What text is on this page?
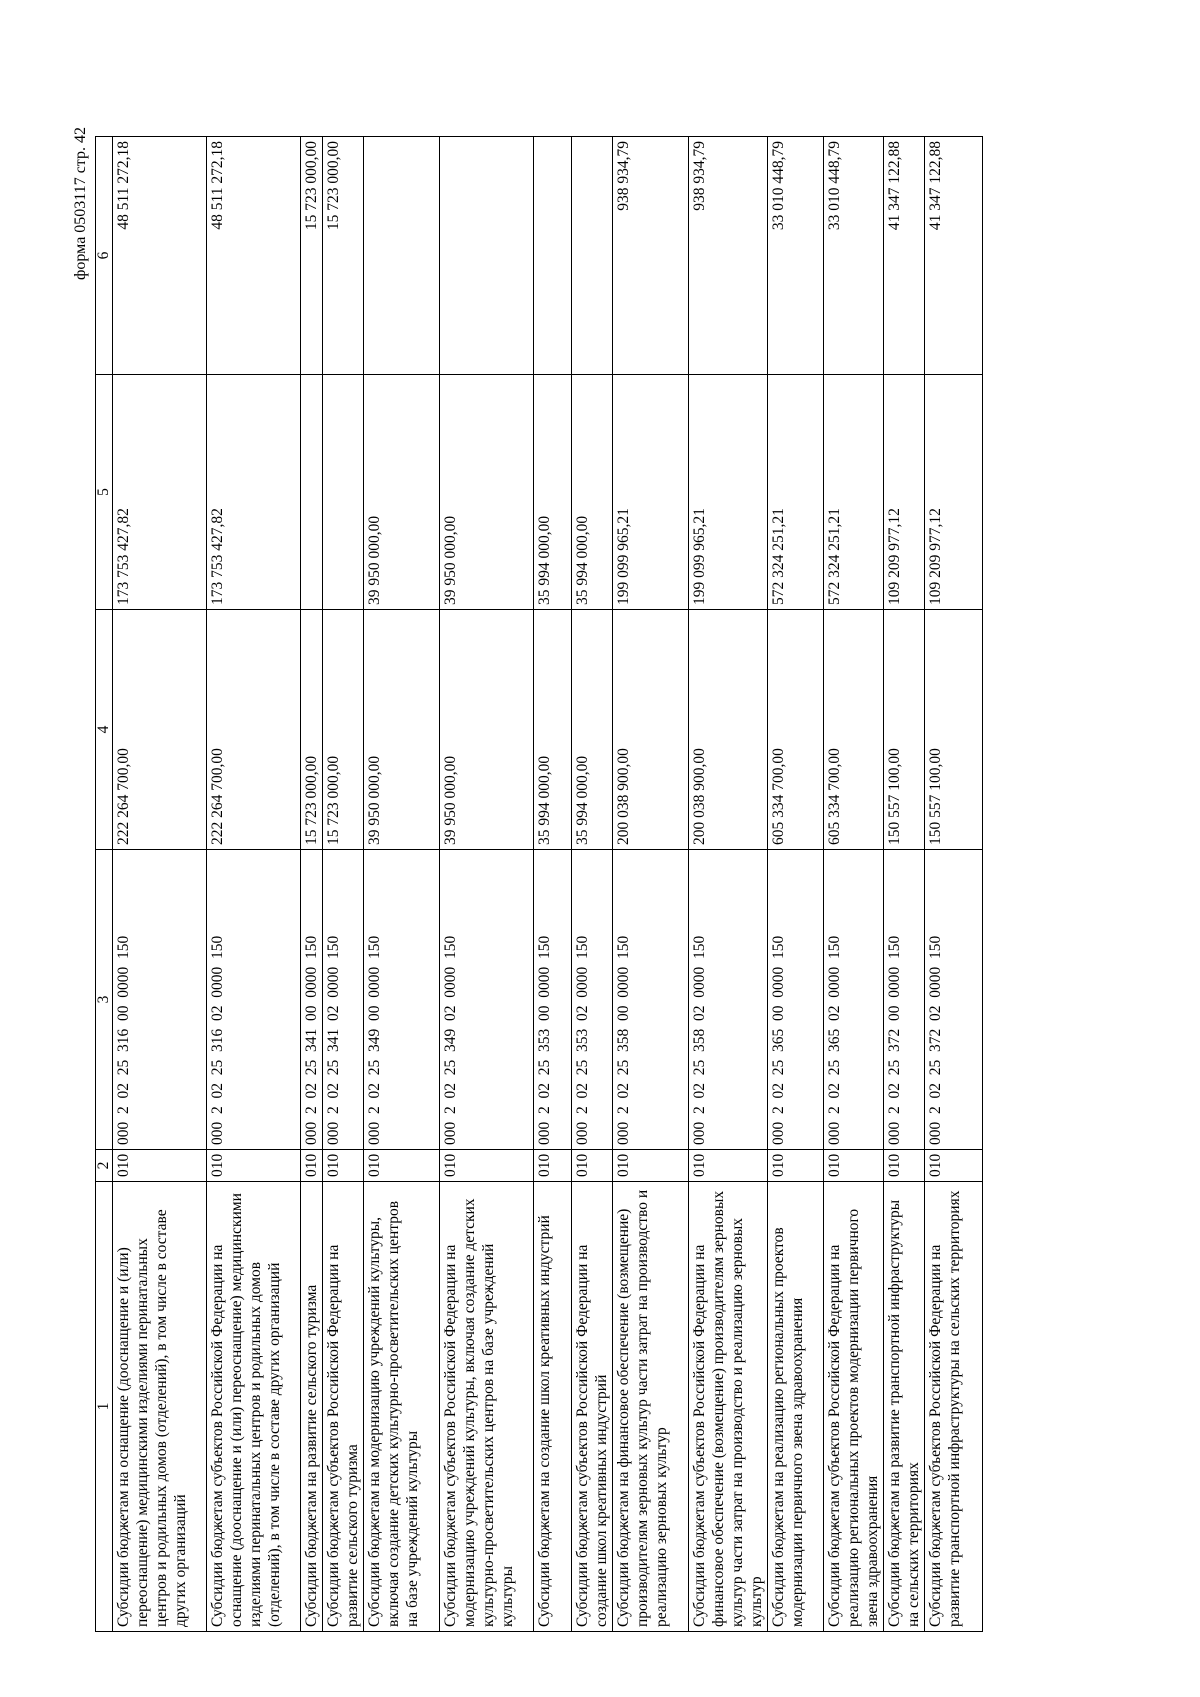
форма 0503117 стр. 42
1	2	3	4	5	6
Субсидии бюджетам на оснащение (дооснащение и (или) переоснащение) медицинскими изделиями перинатальных центров и родильных домов (отделений), в том числе в составе других организаций	010	000  2  02  25  316  00  0000  150	222 264 700,00	173 753 427,82	48 511 272,18
Субсидии бюджетам субъектов Российской Федерации на оснащение (дооснащение и (или) переоснащение) медицинскими изделиями перинатальных центров и родильных домов (отделений), в том числе в составе других организаций	010	000  2  02  25  316  02  0000  150	222 264 700,00	173 753 427,82	48 511 272,18
Субсидии бюджетам на развитие сельского туризма	010	000  2  02  25  341  00  0000  150	15 723 000,00		15 723 000,00
Субсидии бюджетам субъектов Российской Федерации на развитие сельского туризма	010	000  2  02  25  341  02  0000  150	15 723 000,00		15 723 000,00
Субсидии бюджетам на модернизацию учреждений культуры, включая создание детских культурно-просветительских центров на базе учреждений культуры	010	000  2  02  25  349  00  0000  150	39 950 000,00	39 950 000,00	
Субсидии бюджетам субъектов Российской Федерации на модернизацию учреждений культуры, включая создание детских культурно-просветительских центров на базе учреждений культуры	010	000  2  02  25  349  02  0000  150	39 950 000,00	39 950 000,00	
Субсидии бюджетам на создание школ креативных индустрий	010	000  2  02  25  353  00  0000  150	35 994 000,00	35 994 000,00	
Субсидии бюджетам субъектов Российской Федерации на создание школ креативных индустрий	010	000  2  02  25  353  02  0000  150	35 994 000,00	35 994 000,00	
Субсидии бюджетам на финансовое обеспечение (возмещение) производителям зерновых культур части затрат на производство и реализацию зерновых культур	010	000  2  02  25  358  00  0000  150	200 038 900,00	199 099 965,21	938 934,79
Субсидии бюджетам субъектов Российской Федерации на финансовое обеспечение (возмещение) производителям зерновых культур части затрат на производство и реализацию зерновых культур	010	000  2  02  25  358  02  0000  150	200 038 900,00	199 099 965,21	938 934,79
Субсидии бюджетам на реализацию региональных проектов модернизации первичного звена здравоохранения	010	000  2  02  25  365  00  0000  150	605 334 700,00	572 324 251,21	33 010 448,79
Субсидии бюджетам субъектов Российской Федерации на реализацию региональных проектов модернизации первичного звена здравоохранения	010	000  2  02  25  365  02  0000  150	605 334 700,00	572 324 251,21	33 010 448,79
Субсидии бюджетам на развитие транспортной инфраструктуры на сельских территориях	010	000  2  02  25  372  00  0000  150	150 557 100,00	109 209 977,12	41 347 122,88
Субсидии бюджетам субъектов Российской Федерации на развитие транспортной инфраструктуры на сельских территориях	010	000  2  02  25  372  02  0000  150	150 557 100,00	109 209 977,12	41 347 122,88
